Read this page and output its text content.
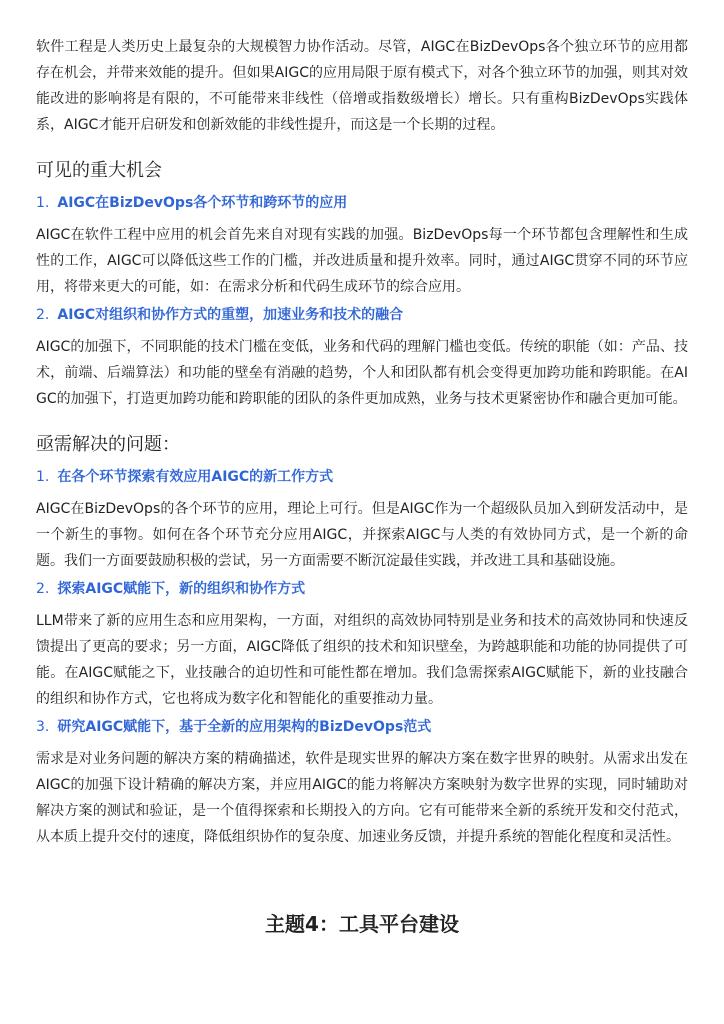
软件工程是人类历史上最复杂的大规模智力协作活动。尽管，AIGC在BizDevOps各个独立环节的应用都存在机会，并带来效能的提升。但如果AIGC的应用局限于原有模式下，对各个独立环节的加强，则其对效能改进的影响将是有限的，不可能带来非线性（倍增或指数级增长）增长。只有重构BizDevOps实践体系，AIGC才能开启研发和创新效能的非线性提升，而这是一个长期的过程。

可见的重大机会
1. AIGC在BizDevOps各个环节和跨环节的应用

AIGC在软件工程中应用的机会首先来自对现有实践的加强。BizDevOps每一个环节都包含理解性和生成性的工作，AIGC可以降低这些工作的门槛，并改进质量和提升效率。同时，通过AIGC贯穿不同的环节应用，将带来更大的可能，如：在需求分析和代码生成环节的综合应用。

2. AIGC对组织和协作方式的重塑，加速业务和技术的融合

AIGC的加强下，不同职能的技术门槛在变低，业务和代码的理解门槛也变低。传统的职能（如：产品、技术，前端、后端算法）和功能的壁垒有消融的趋势，个人和团队都有机会变得更加跨功能和跨职能。在AIGC的加强下，打造更加跨功能和跨职能的团队的条件更加成熟，业务与技术更紧密协作和融合更加可能。

亟需解决的问题：
1. 在各个环节探索有效应用AIGC的新工作方式

AIGC在BizDevOps的各个环节的应用，理论上可行。但是AIGC作为一个超级队员加入到研发活动中，是一个新生的事物。如何在各个环节充分应用AIGC，并探索AIGC与人类的有效协同方式，是一个新的命题。我们一方面要鼓励积极的尝试，另一方面需要不断沉淀最佳实践，并改进工具和基础设施。

2. 探索AIGC赋能下，新的组织和协作方式

LLM带来了新的应用生态和应用架构，一方面，对组织的高效协同特别是业务和技术的高效协同和快速反馈提出了更高的要求；另一方面，AIGC降低了组织的技术和知识壁垒，为跨越职能和功能的协同提供了可能。在AIGC赋能之下，业技融合的迫切性和可能性都在增加。我们急需探索AIGC赋能下，新的业技融合的组织和协作方式，它也将成为数字化和智能化的重要推动力量。

3. 研究AIGC赋能下，基于全新的应用架构的BizDevOps范式

需求是对业务问题的解决方案的精确描述，软件是现实世界的解决方案在数字世界的映射。从需求出发在AIGC的加强下设计精确的解决方案，并应用AIGC的能力将解决方案映射为数字世界的实现，同时辅助对解决方案的测试和验证，是一个值得探索和长期投入的方向。它有可能带来全新的系统开发和交付范式，从本质上提升交付的速度，降低组织协作的复杂度、加速业务反馈，并提升系统的智能化程度和灵活性。

主题4：工具平台建设
